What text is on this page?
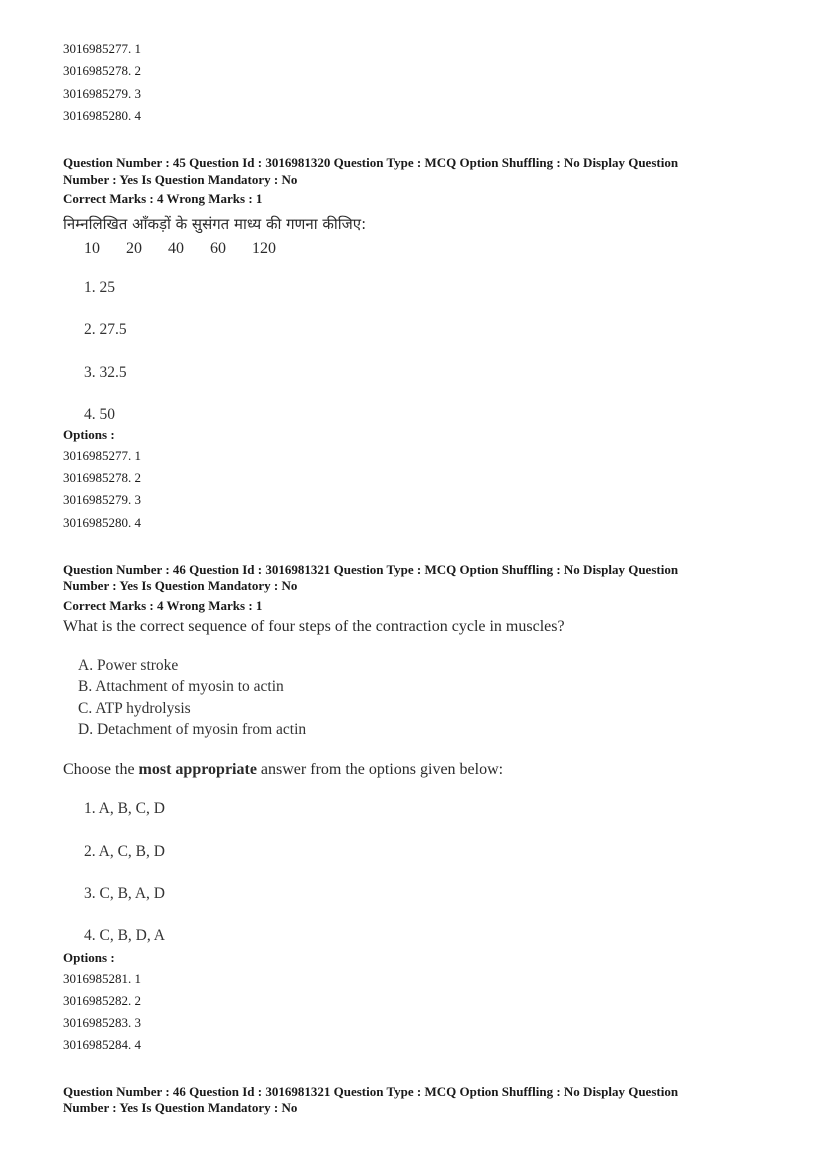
3016985277. 1
3016985278. 2
3016985279. 3
3016985280. 4
Question Number : 45 Question Id : 3016981320 Question Type : MCQ Option Shuffling : No Display Question
Number : Yes Is Question Mandatory : No
Correct Marks : 4 Wrong Marks : 1
निम्नलिखित आँकड़ों के सुसंगत माध्य की गणना कीजिए:
10 20 40 60 120
1. 25
2. 27.5
3. 32.5
4. 50
Options :
3016985277. 1
3016985278. 2
3016985279. 3
3016985280. 4
Question Number : 46 Question Id : 3016981321 Question Type : MCQ Option Shuffling : No Display Question
Number : Yes Is Question Mandatory : No
Correct Marks : 4 Wrong Marks : 1
What is the correct sequence of four steps of the contraction cycle in muscles?
A. Power stroke
B. Attachment of myosin to actin
C. ATP hydrolysis
D. Detachment of myosin from actin
Choose the most appropriate answer from the options given below:
1. A, B, C, D
2. A, C, B, D
3. C, B, A, D
4. C, B, D, A
Options :
3016985281. 1
3016985282. 2
3016985283. 3
3016985284. 4
Question Number : 46 Question Id : 3016981321 Question Type : MCQ Option Shuffling : No Display Question
Number : Yes Is Question Mandatory : No
